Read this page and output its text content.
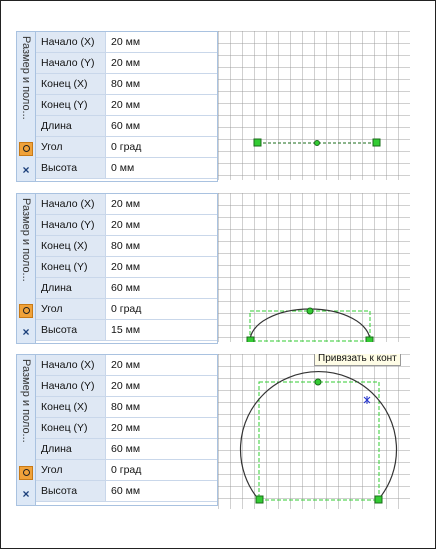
Размер и поло...
×
Начало (X)	20 мм
Начало (Y)	20 мм
Конец (X)	80 мм
Конец (Y)	20 мм
Длина	60 мм
Угол	0 град
Высота	0 мм
Размер и поло...
×
Начало (X)	20 мм
Начало (Y)	20 мм
Конец (X)	80 мм
Конец (Y)	20 мм
Длина	60 мм
Угол	0 град
Высота	15 мм
Размер и поло...
×
Начало (X)	20 мм
Начало (Y)	20 мм
Конец (X)	80 мм
Конец (Y)	20 мм
Длина	60 мм
Угол	0 град
Высота	60 мм
Привязать к конт
